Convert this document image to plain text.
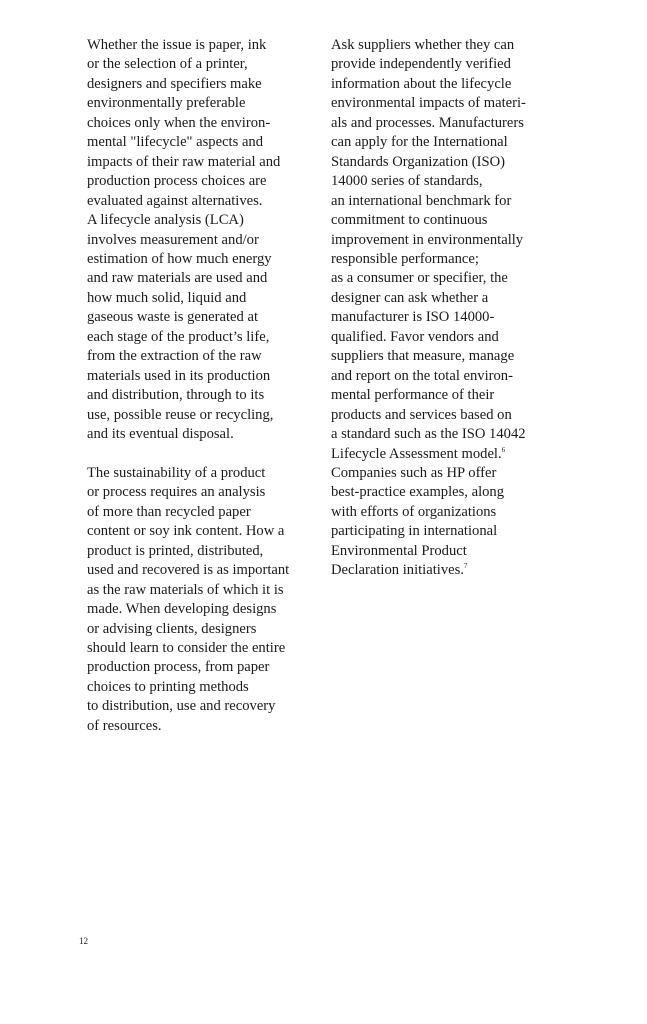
Whether the issue is paper, ink
or the selection of a printer,
designers and specifiers make
environmentally preferable
choices only when the environ-
mental "lifecycle" aspects and
impacts of their raw material and
production process choices are
evaluated against alternatives.
A lifecycle analysis (LCA)
involves measurement and/or
estimation of how much energy
and raw materials are used and
how much solid, liquid and
gaseous waste is generated at
each stage of the product’s life,
from the extraction of the raw
materials used in its production
and distribution, through to its
use, possible reuse or recycling,
and its eventual disposal.

The sustainability of a product
or process requires an analysis
of more than recycled paper
content or soy ink content. How a
product is printed, distributed,
used and recovered is as important
as the raw materials of which it is
made. When developing designs
or advising clients, designers
should learn to consider the entire
production process, from paper
choices to printing methods
to distribution, use and recovery
of resources.

Ask suppliers whether they can
provide independently verified
information about the lifecycle
environmental impacts of materi-
als and processes. Manufacturers
can apply for the International
Standards Organization (ISO)
14000 series of standards,
an international benchmark for
commitment to continuous
improvement in environmentally
responsible performance;
as a consumer or specifier, the
designer can ask whether a
manufacturer is ISO 14000-
qualified. Favor vendors and
suppliers that measure, manage
and report on the total environ-
mental performance of their
products and services based on
a standard such as the ISO 14042
Lifecycle Assessment model.$^6$
Companies such as HP offer
best-practice examples, along
with efforts of organizations
participating in international
Environmental Product
Declaration initiatives.$^7$

12
